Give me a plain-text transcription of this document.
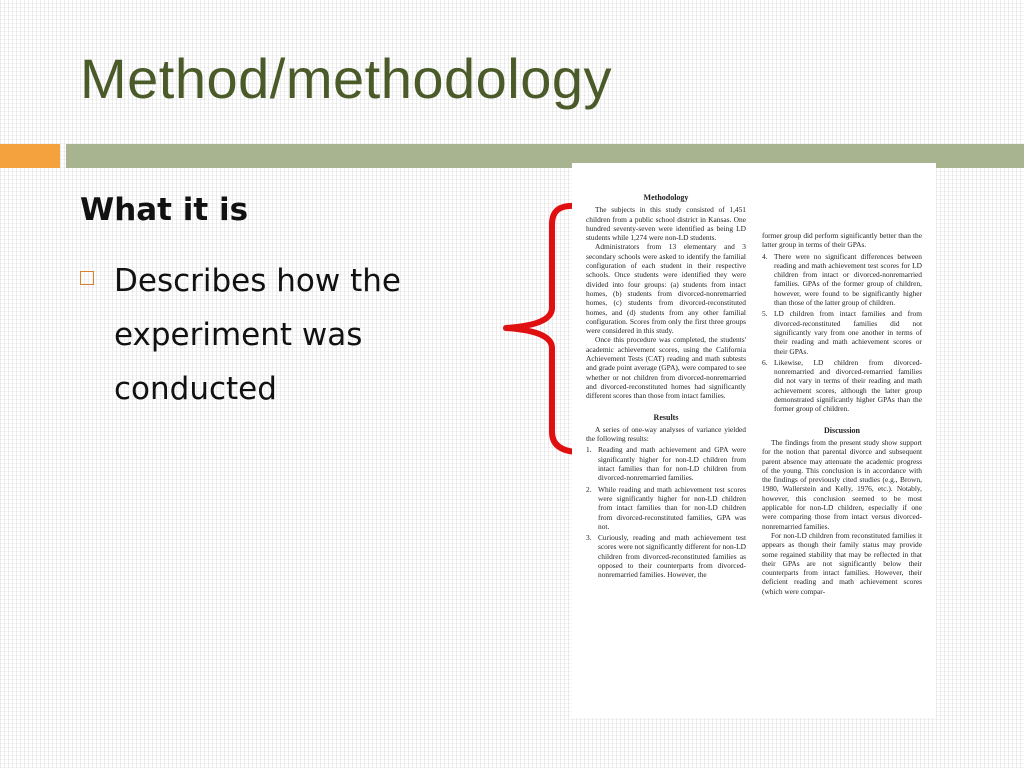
Method/methodology
What it is
Describes how the experiment was conducted
Methodology

The subjects in this study consisted of 1,451 children from a public school district in Kansas. One hundred seventy-seven were identified as being LD students while 1,274 were non-LD students.

Administrators from 13 elementary and 3 secondary schools were asked to identify the familial configuration of each student in their respective schools. Once students were identified they were divided into four groups: (a) students from intact homes, (b) students from divorced-nonremarried homes, (c) students from divorced-reconstituted homes, and (d) students from any other familial configuration. Scores from only the first three groups were considered in this study.

Once this procedure was completed, the students' academic achievement scores, using the California Achievement Tests (CAT) reading and math subtests and grade point average (GPA), were compared to see whether or not children from divorced-nonremarried and divorced-reconstituted homes had significantly different scores than those from intact families.

Results

A series of one-way analyses of variance yielded the following results:

1. Reading and math achievement and GPA were significantly higher for non-LD children from intact families than for non-LD children from divorced-nonremarried families.
2. While reading and math achievement test scores were significantly higher for non-LD children from intact families than for non-LD children from divorced-reconstituted families, GPA was not.
3. Curiously, reading and math achievement test scores were not significantly different for non-LD children from divorced-reconstituted families as opposed to their counterparts from divorced-nonremarried families. However, the

former group did perform significantly better than the latter group in terms of their GPAs.

4. There were no significant differences between reading and math achievement test scores for LD children from intact or divorced-nonremarried families. GPAs of the former group of children, however, were found to be significantly higher than those of the latter group of children.
5. LD children from intact families and from divorced-reconstituted families did not significantly vary from one another in terms of their reading and math achievement scores or their GPAs.
6. Likewise, LD children from divorced-nonremarried and divorced-remarried families did not vary in terms of their reading and math achievement scores, although the latter group demonstrated significantly higher GPAs than the former group of children.
Discussion

The findings from the present study show support for the notion that parental divorce and subsequent parent absence may attenuate the academic progress of the young. This conclusion is in accordance with the findings of previously cited studies (e.g., Brown, 1980, Wallerstein and Kelly, 1976, etc.). Notably, however, this conclusion seemed to be most applicable for non-LD children, especially if one were comparing those from intact versus divorced-nonremarried families.

For non-LD children from reconstituted families it appears as though their family status may provide some regained stability that may be reflected in that their GPAs are not significantly below their counterparts from intact families. However, their deficient reading and math achievement scores (which were compar-
